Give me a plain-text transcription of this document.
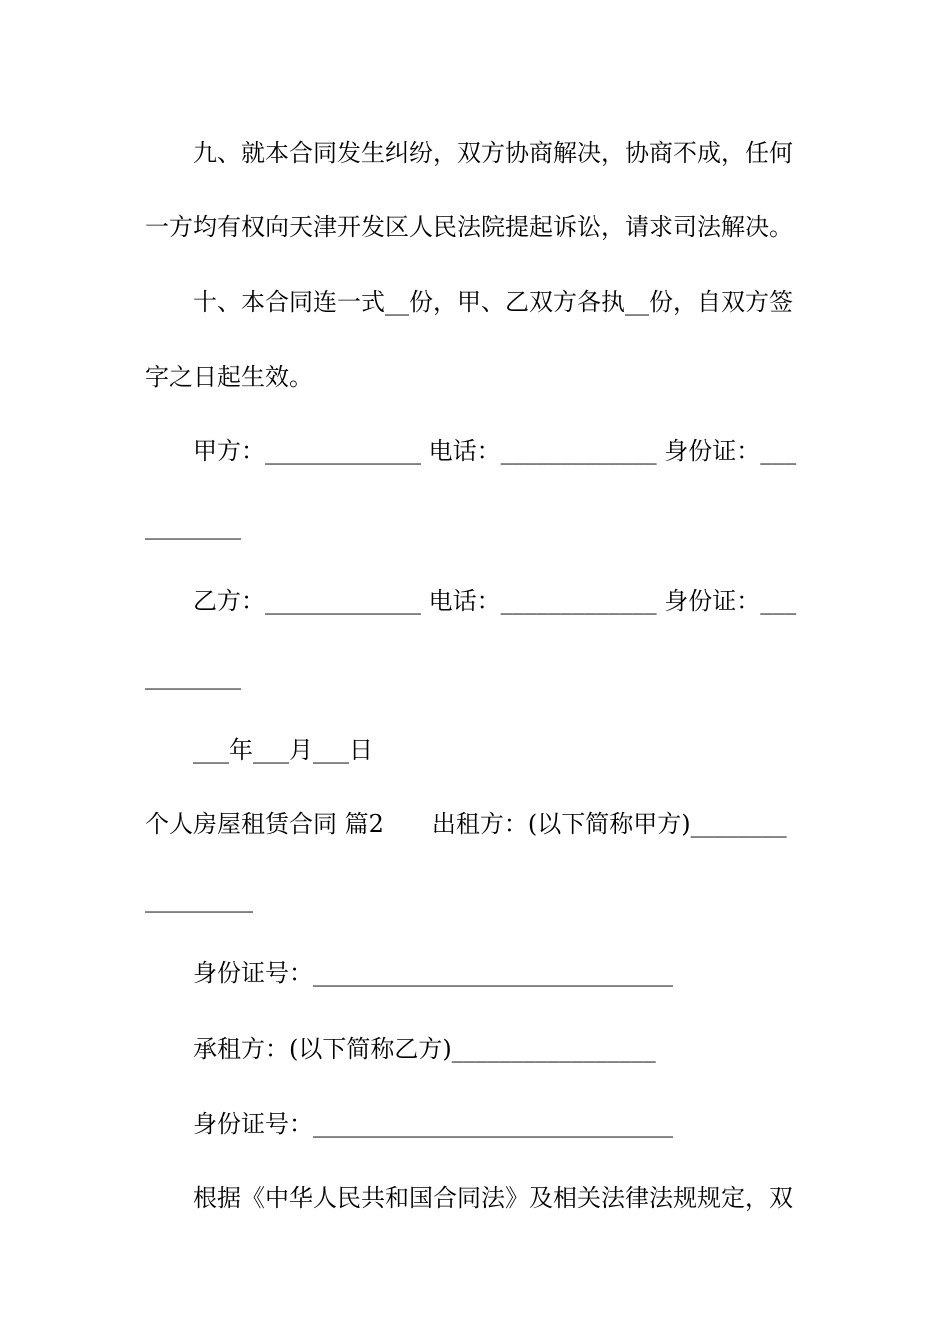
九、就本合同发生纠纷，双方协商解决，协商不成，任何
一方均有权向天津开发区人民法院提起诉讼，请求司法解决。
十、本合同连一式__份，甲、乙双方各执__份，自双方签
字之日起生效。
甲方：_____________ 电话：_____________ 身份证：___
________
乙方：_____________ 电话：_____________ 身份证：___
________
___年___月___日
个人房屋租赁合同 篇2　　出租方：(以下简称甲方)________
_________
身份证号：______________________________
承租方：(以下简称乙方)_________________
身份证号：______________________________
根据《中华人民共和国合同法》及相关法律法规规定，双
